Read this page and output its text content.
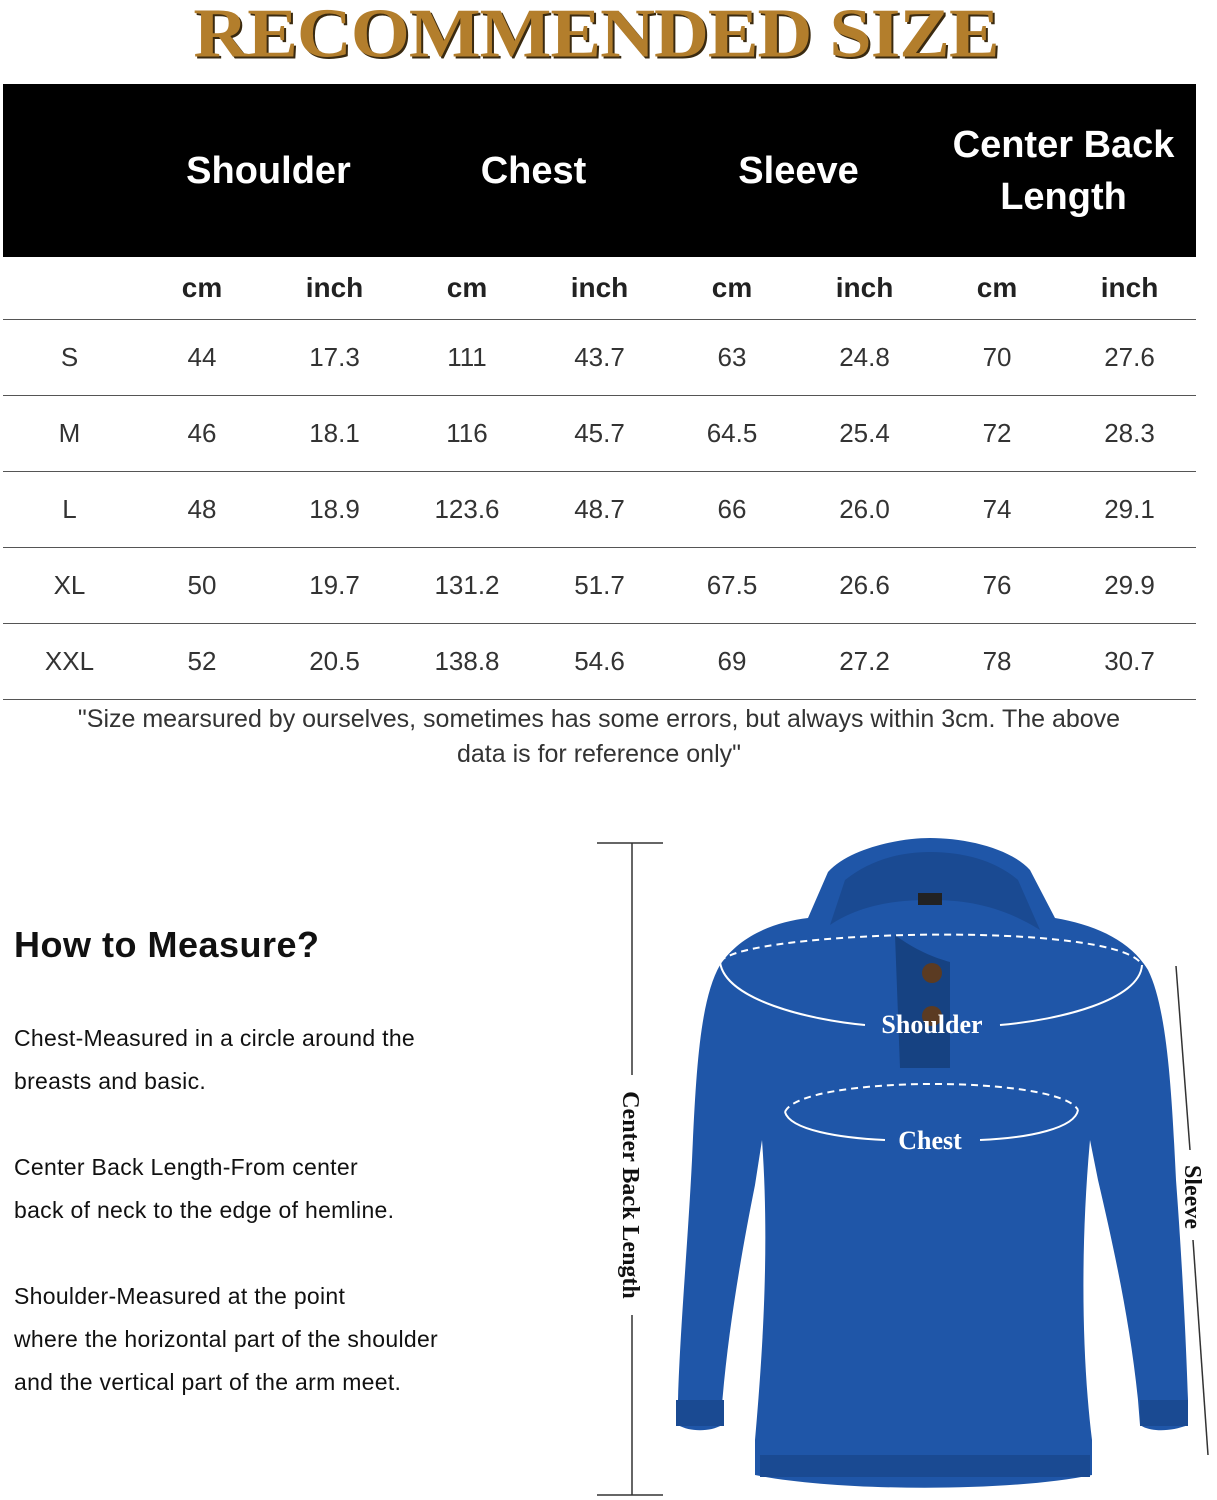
RECOMMENDED SIZE
	Shoulder		Chest		Sleeve		Center Back Length	
	cm	inch	cm	inch	cm	inch	cm	inch
S	44	17.3	111	43.7	63	24.8	70	27.6
M	46	18.1	116	45.7	64.5	25.4	72	28.3
L	48	18.9	123.6	48.7	66	26.0	74	29.1
XL	50	19.7	131.2	51.7	67.5	26.6	76	29.9
XXL	52	20.5	138.8	54.6	69	27.2	78	30.7
"Size mearsured by ourselves, sometimes has some errors, but always within 3cm. The above
data is for reference only"
How to Measure?
Chest-Measured in a circle around the
breasts and basic.
Center Back Length-From center
back of neck to the edge of hemline.
Shoulder-Measured at the point
where the horizontal part of the shoulder
and the vertical part of the arm meet.
Center Back Length	Sleeve
Shoulder
Chest
